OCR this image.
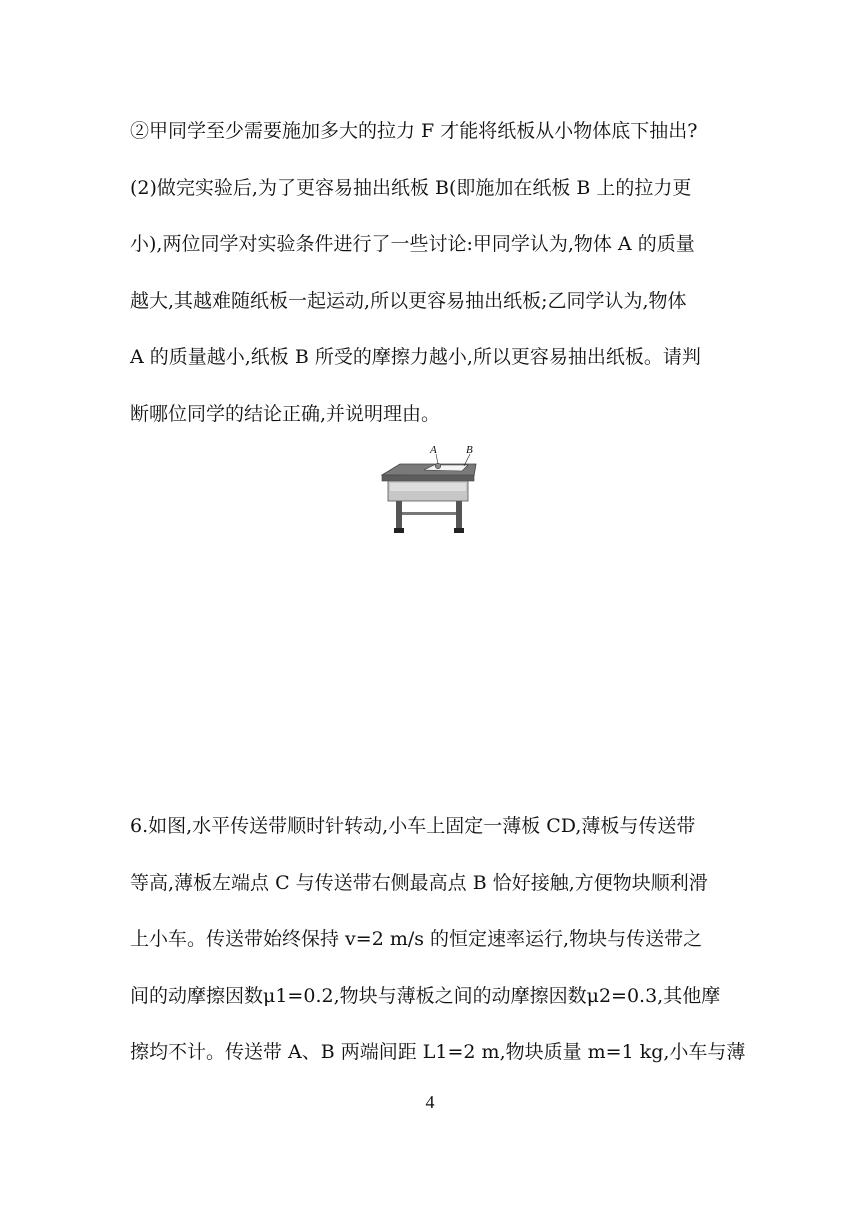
②甲同学至少需要施加多大的拉力 F 才能将纸板从小物体底下抽出?
(2)做完实验后,为了更容易抽出纸板 B(即施加在纸板 B 上的拉力更
小),两位同学对实验条件进行了一些讨论:甲同学认为,物体 A 的质量
越大,其越难随纸板一起运动,所以更容易抽出纸板;乙同学认为,物体
A 的质量越小,纸板 B 所受的摩擦力越小,所以更容易抽出纸板。请判
断哪位同学的结论正确,并说明理由。
A	B
6.如图,水平传送带顺时针转动,小车上固定一薄板 CD,薄板与传送带
等高,薄板左端点 C 与传送带右侧最高点 B 恰好接触,方便物块顺利滑
上小车。传送带始终保持 v=2 m/s 的恒定速率运行,物块与传送带之
间的动摩擦因数μ1=0.2,物块与薄板之间的动摩擦因数μ2=0.3,其他摩
擦均不计。传送带 A、B 两端间距 L1=2 m,物块质量 m=1 kg,小车与薄
4
